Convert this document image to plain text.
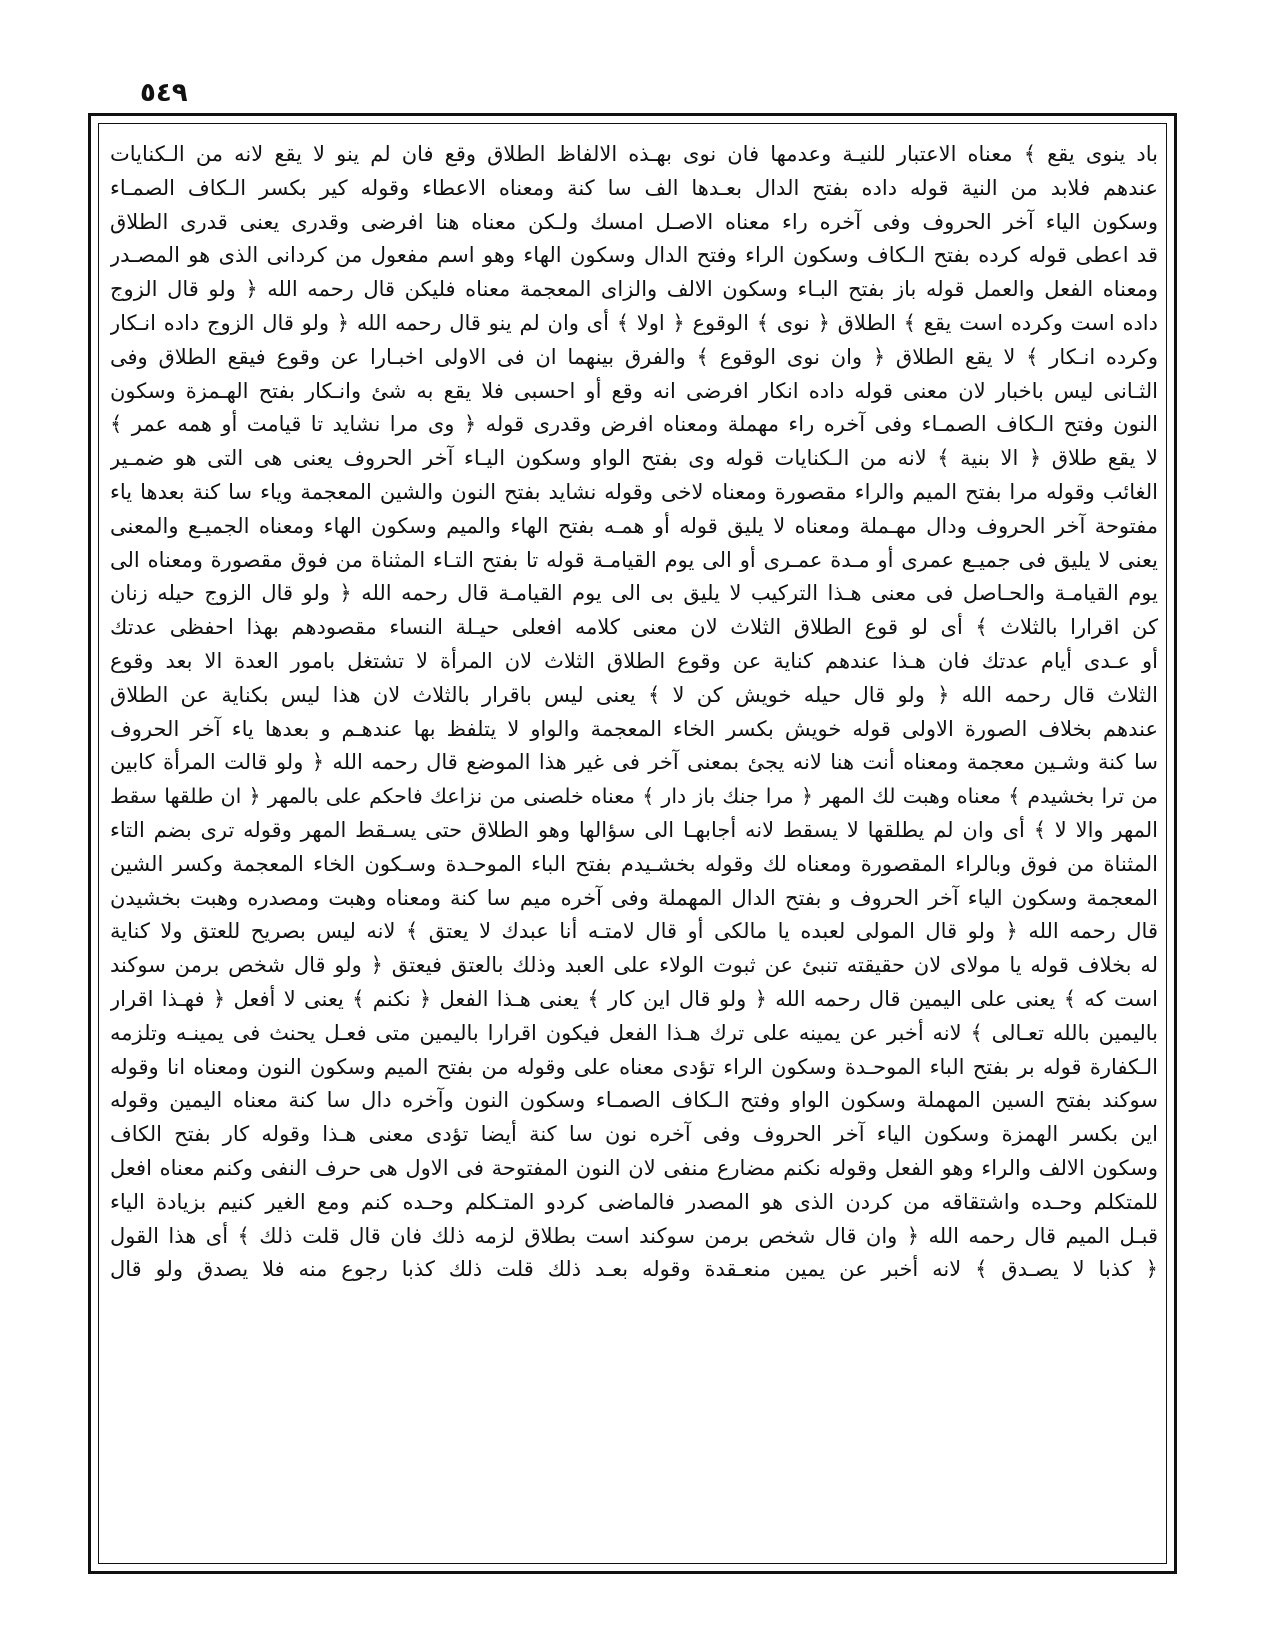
٥٤٩
باد ينوى يقع ﴾ معناه الاعتبار للنيـة وعدمها فان نوى بهـذه الالفاظ الطلاق وقع فان لم ينو لا يقع لانه من الـكنايات
عندهم فلابد من النية قوله داده بفتح الدال بعـدها الف سا كنة ومعناه الاعطاء وقوله كير بكسر الـكاف الصمـاء
وسكون الياء آخر الحروف وفى آخره راء معناه الاصـل امسك ولـكن معناه هنا افرضى وقدرى يعنى قدرى الطلاق
قد اعطى قوله كرده بفتح الـكاف وسكون الراء وفتح الدال وسكون الهاء وهو اسم مفعول من كردانى الذى هو المصـدر
ومعناه الفعل والعمل قوله باز بفتح البـاء وسكون الالف والزاى المعجمة معناه فليكن قال رحمه الله ﴿ ولو قال الزوج
داده است وكرده است يقع ﴾ الطلاق ﴿ نوى ﴾ الوقوع ﴿ اولا ﴾ أى وان لم ينو قال رحمه الله ﴿ ولو قال الزوج داده انـكار
وكرده انـكار ﴾ لا يقع الطلاق ﴿ وان نوى الوقوع ﴾ والفرق بينهما ان فى الاولى اخبـارا عن وقوع فيقع الطلاق وفى
الثـانى ليس باخبار لان معنى قوله داده انكار افرضى انه وقع أو احسبى فلا يقع به شئ وانـكار بفتح الهـمزة وسكون
النون وفتح الـكاف الصمـاء وفى آخره راء مهملة ومعناه افرض وقدرى قوله ﴿ وى مرا نشايد تا قيامت أو همه عمر ﴾
لا يقع طلاق ﴿ الا بنية ﴾ لانه من الـكنايات قوله وى بفتح الواو وسكون اليـاء آخر الحروف يعنى هى التى هو ضمـير
الغائب وقوله مرا بفتح الميم والراء مقصورة ومعناه لاخى وقوله نشايد بفتح النون والشين المعجمة وياء سا كنة بعدها ياء
مفتوحة آخر الحروف ودال مهـملة ومعناه لا يليق قوله أو همـه بفتح الهاء والميم وسكون الهاء ومعناه الجميـع والمعنى
يعنى لا يليق فى جميـع عمرى أو مـدة عمـرى أو الى يوم القيامـة قوله تا بفتح التـاء المثناة من فوق مقصورة ومعناه الى
يوم القيامـة والحـاصل فى معنى هـذا التركيب لا يليق بى الى يوم القيامـة قال رحمه الله ﴿ ولو قال الزوج حيله زنان
كن اقرارا بالثلاث ﴾ أى لو قوع الطلاق الثلاث لان معنى كلامه افعلى حيـلة النساء مقصودهم بهذا احفظى عدتك
أو عـدى أيام عدتك فان هـذا عندهم كناية عن وقوع الطلاق الثلاث لان المرأة لا تشتغل بامور العدة الا بعد وقوع
الثلاث قال رحمه الله ﴿ ولو قال حيله خويش كن لا ﴾ يعنى ليس باقرار بالثلاث لان هذا ليس بكناية عن الطلاق
عندهم بخلاف الصورة الاولى قوله خويش بكسر الخاء المعجمة والواو لا يتلفظ بها عندهـم و بعدها ياء آخر الحروف
سا كنة وشـين معجمة ومعناه أنت هنا لانه يجئ بمعنى آخر فى غير هذا الموضع قال رحمه الله ﴿ ولو قالت المرأة كابين
من ترا بخشيدم ﴾ معناه وهبت لك المهر ﴿ مرا جنك باز دار ﴾ معناه خلصنى من نزاعك فاحكم على بالمهر ﴿ ان طلقها سقط
المهر والا لا ﴾ أى وان لم يطلقها لا يسقط لانه أجابهـا الى سؤالها وهو الطلاق حتى يسـقط المهر وقوله ترى بضم التاء
المثناة من فوق وبالراء المقصورة ومعناه لك وقوله بخشـيدم بفتح الباء الموحـدة وسـكون الخاء المعجمة وكسر الشين
المعجمة وسكون الياء آخر الحروف و بفتح الدال المهملة وفى آخره ميم سا كنة ومعناه وهبت ومصدره وهبت بخشيدن
قال رحمه الله ﴿ ولو قال المولى لعبده يا مالكى أو قال لامتـه أنا عبدك لا يعتق ﴾ لانه ليس بصريح للعتق ولا كناية
له بخلاف قوله يا مولاى لان حقيقته تنبئ عن ثبوت الولاء على العبد وذلك بالعتق فيعتق ﴿ ولو قال شخص برمن سوكند
است كه ﴾ يعنى على اليمين قال رحمه الله ﴿ ولو قال اين كار ﴾ يعنى هـذا الفعل ﴿ نكنم ﴾ يعنى لا أفعل ﴿ فهـذا اقرار
باليمين بالله تعـالى ﴾ لانه أخبر عن يمينه على ترك هـذا الفعل فيكون اقرارا باليمين متى فعـل يحنث فى يمينـه وتلزمه
الـكفارة قوله بر بفتح الباء الموحـدة وسكون الراء تؤدى معناه على وقوله من بفتح الميم وسكون النون ومعناه انا وقوله
سوكند بفتح السين المهملة وسكون الواو وفتح الـكاف الصمـاء وسكون النون وآخره دال سا كنة معناه اليمين وقوله
اين بكسر الهمزة وسكون الياء آخر الحروف وفى آخره نون سا كنة أيضا تؤدى معنى هـذا وقوله كار بفتح الكاف
وسكون الالف والراء وهو الفعل وقوله نكنم مضارع منفى لان النون المفتوحة فى الاول هى حرف النفى وكنم معناه افعل
للمتكلم وحـده واشتقاقه من كردن الذى هو المصدر فالماضى كردو المتـكلم وحـده كنم ومع الغير كنيم بزيادة الياء
قبـل الميم قال رحمه الله ﴿ وان قال شخص برمن سوكند است بطلاق لزمه ذلك فان قال قلت ذلك ﴾ أى هذا القول
﴿ كذبا لا يصـدق ﴾ لانه أخبر عن يمين منعـقدة وقوله بعـد ذلك قلت ذلك كذبا رجوع منه فلا يصدق ولو قال
